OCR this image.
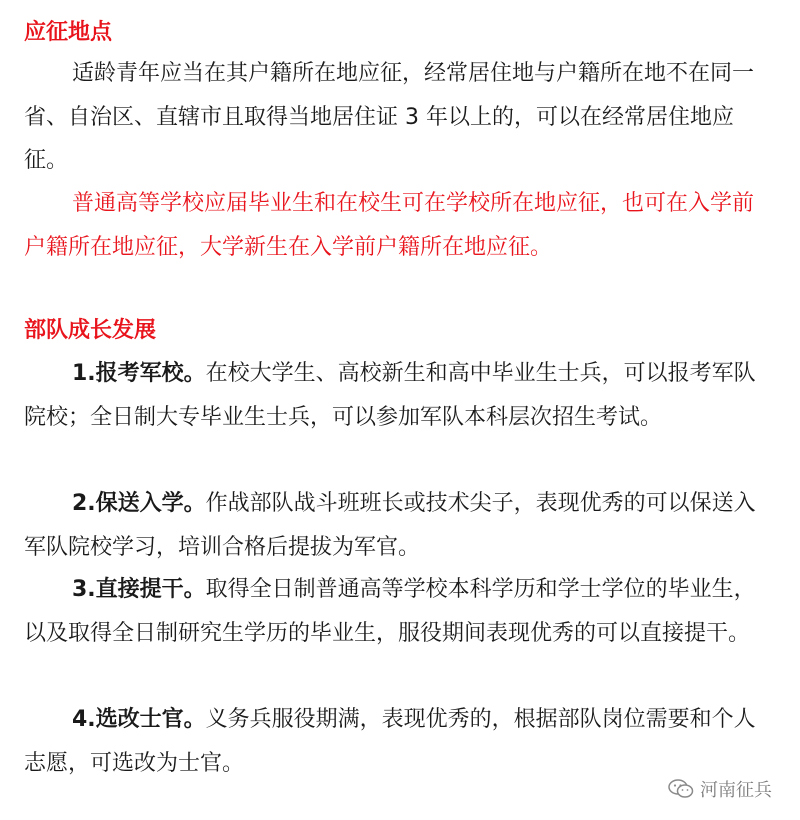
应征地点

适龄青年应当在其户籍所在地应征，经常居住地与户籍所在地不在同一省、自治区、直辖市且取得当地居住证 3 年以上的，可以在经常居住地应征。

普通高等学校应届毕业生和在校生可在学校所在地应征，也可在入学前户籍所在地应征，大学新生在入学前户籍所在地应征。

部队成长发展

1.报考军校。在校大学生、高校新生和高中毕业生士兵，可以报考军队院校；全日制大专毕业生士兵，可以参加军队本科层次招生考试。

2.保送入学。作战部队战斗班班长或技术尖子，表现优秀的可以保送入军队院校学习，培训合格后提拔为军官。

3.直接提干。取得全日制普通高等学校本科学历和学士学位的毕业生，以及取得全日制研究生学历的毕业生，服役期间表现优秀的可以直接提干。

4.选改士官。义务兵服役期满，表现优秀的，根据部队岗位需要和个人志愿，可选改为士官。

河南征兵
